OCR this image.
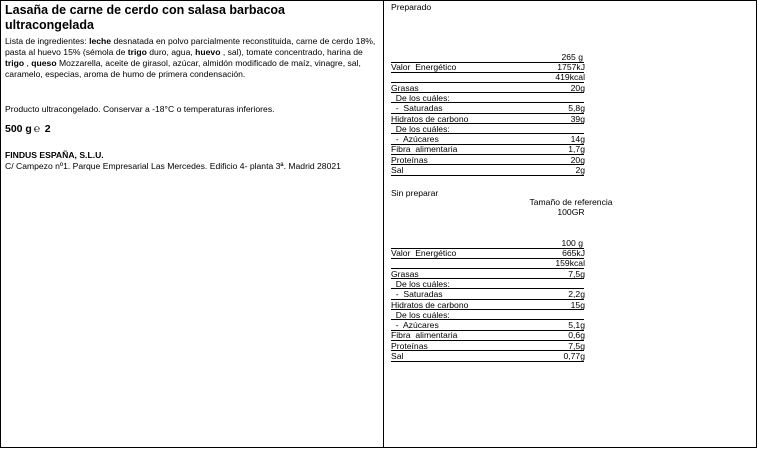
Lasaña de carne de cerdo con salasa barbacoa ultracongelada

Lista de ingredientes: leche desnatada en polvo parcialmente reconstituida, carne de cerdo 18%, pasta al huevo 15% (sémola de trigo duro, agua, huevo , sal), tomate concentrado, harina de trigo , queso Mozzarella, aceite de girasol, azúcar, almidón modificado de maíz, vinagre, sal, caramelo, especias, aroma de humo de primera condensación.
Producto ultracongelado. Conservar a -18°C o temperaturas inferiores.
500 g ℮ 2
FINDUS ESPAÑA, S.L.U.
C/ Campezo nº1. Parque Empresarial Las Mercedes. Edificio 4- planta 3ª. Madrid 28021
Preparado
265 g
Sin preparar
Tamaño de referencia
100GR
100 g
Valor  Energético	1757kJ
419kcal
Grasas	20g
De los cuáles:
-  Saturadas	5,8g
Hidratos de carbono	39g
De los cuáles:
-  Azúcares	14g
Fibra  alimentaria	1,7g
Proteínas	20g
Sal	2g
Valor  Energético	665kJ
159kcal
Grasas	7,5g
De los cuáles:
-  Saturadas	2,2g
Hidratos de carbono	15g
De los cuáles:
-  Azúcares	5,1g
Fibra  alimentaria	0,6g
Proteínas	7,5g
Sal	0,77g
